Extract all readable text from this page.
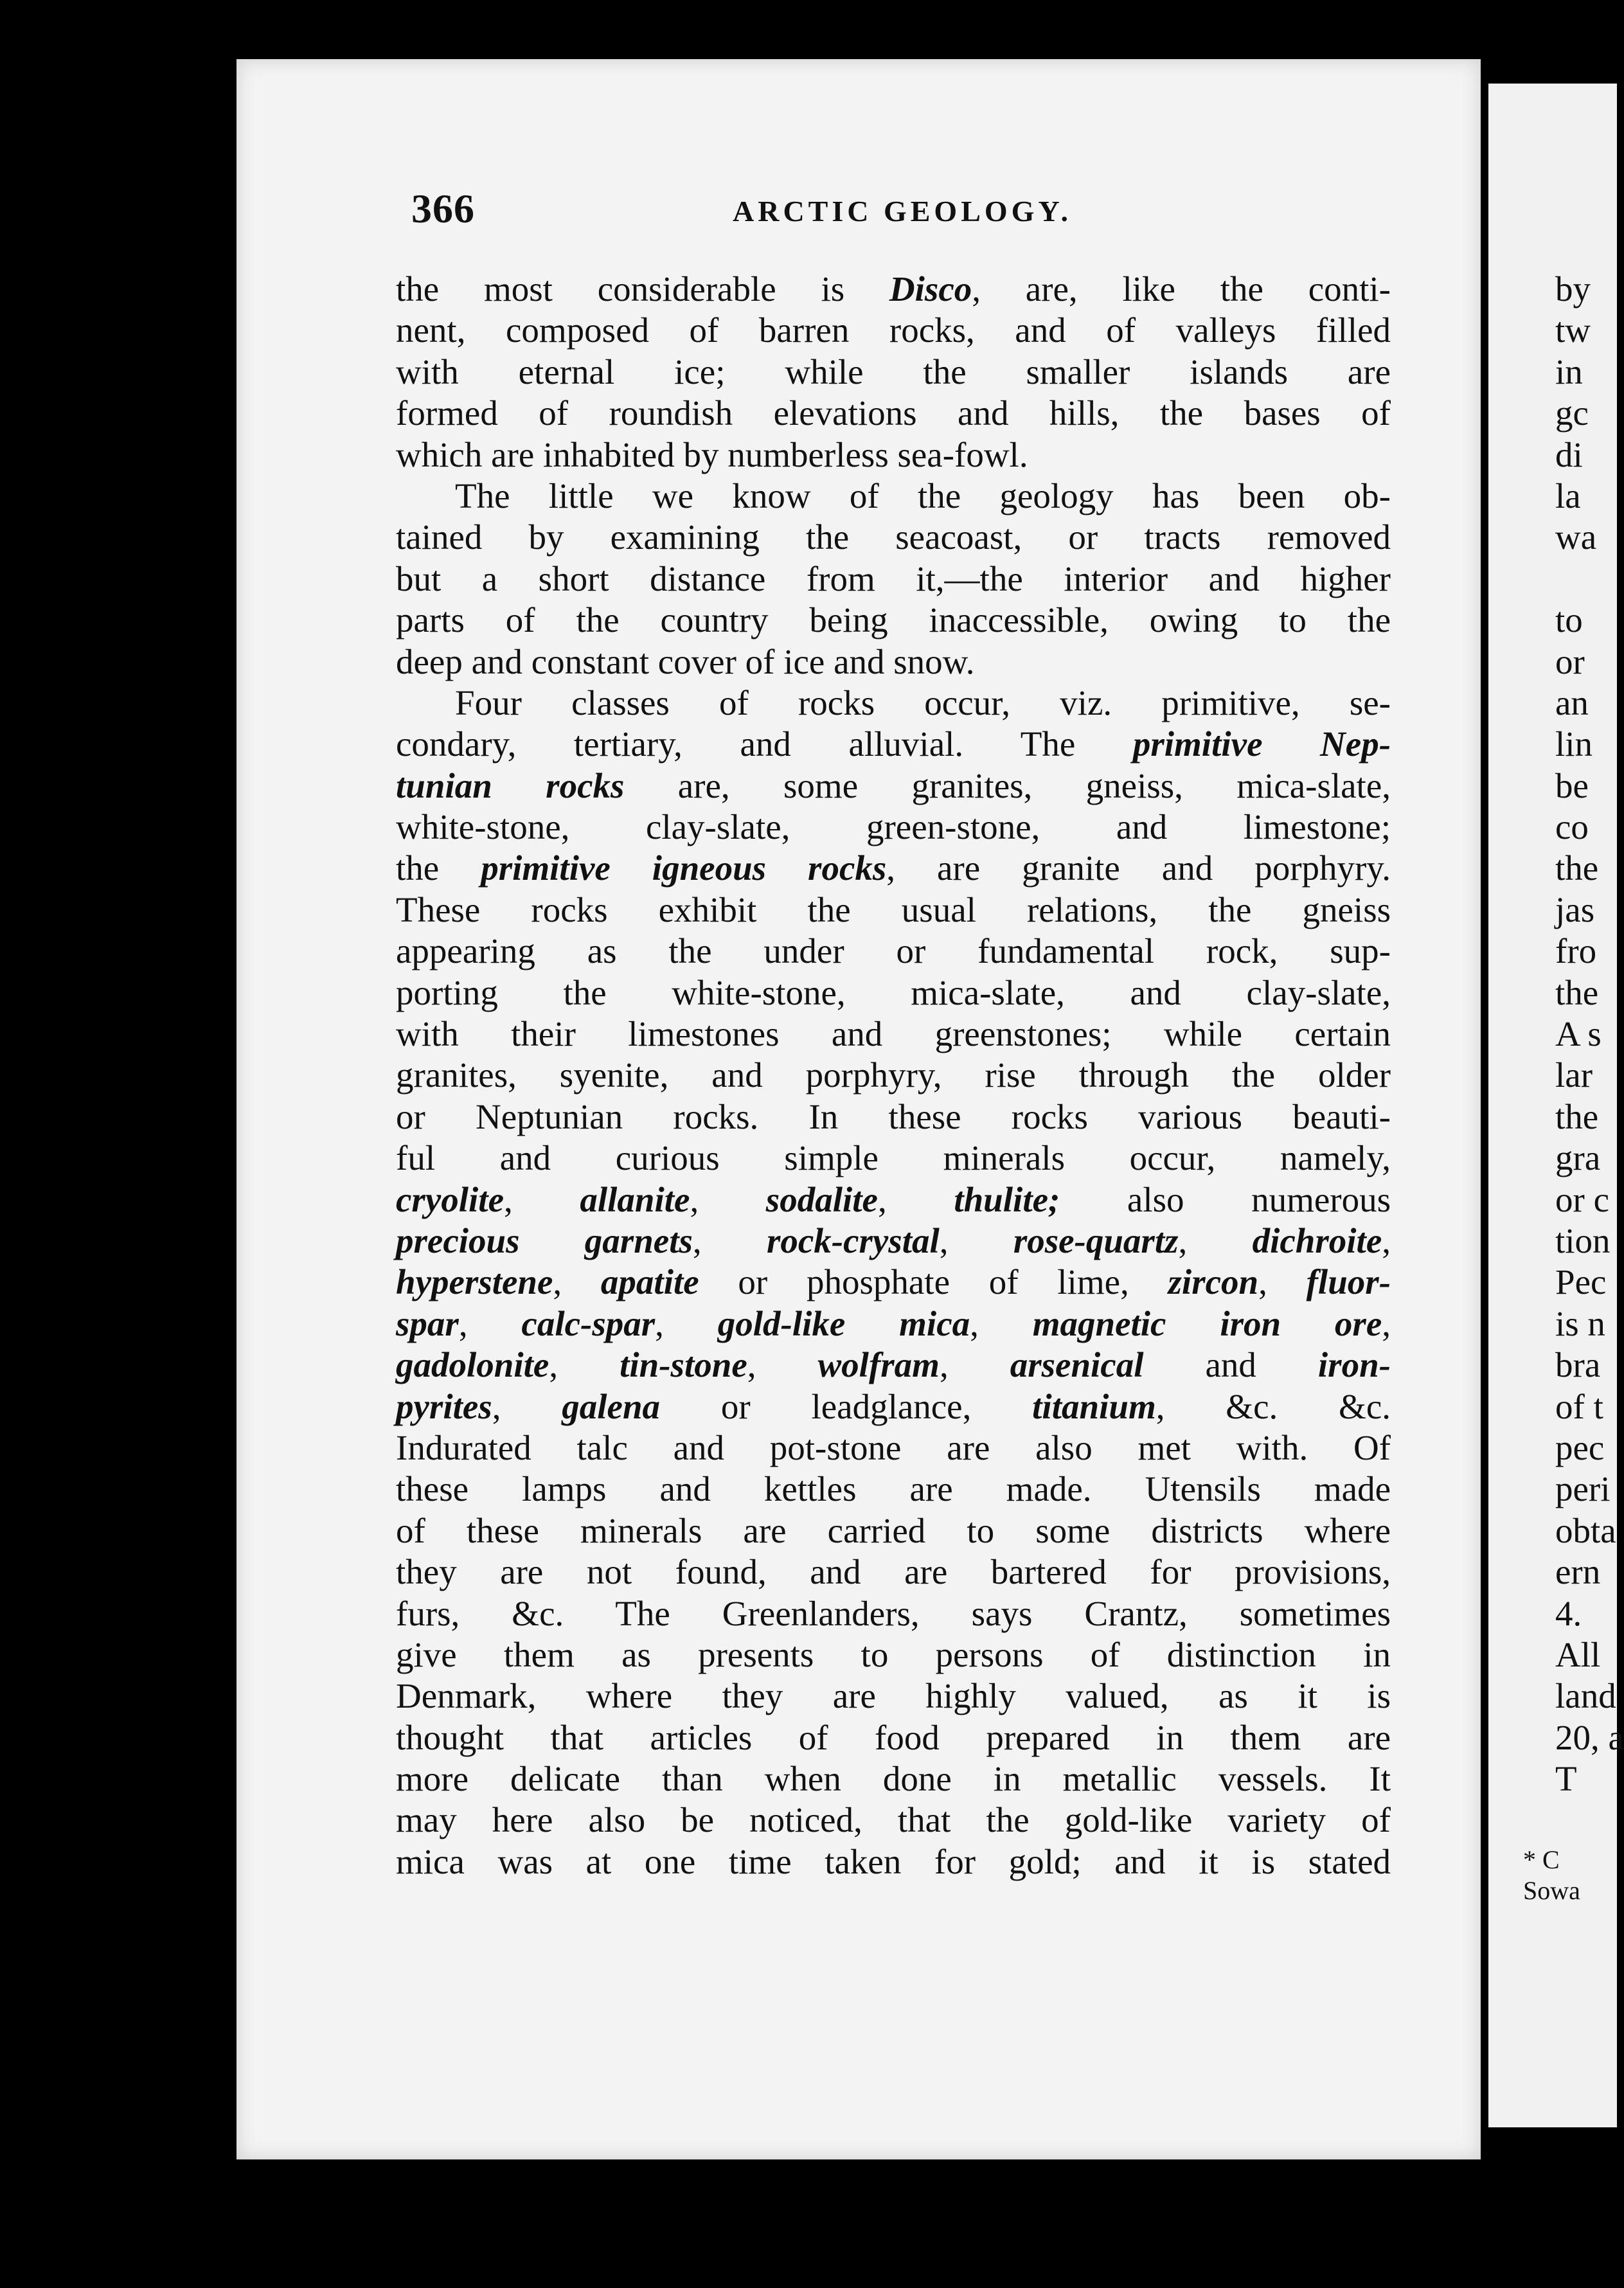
366	ARCTIC GEOLOGY.
the most considerable is Disco, are, like the conti-
nent, composed of barren rocks, and of valleys filled
with eternal ice; while the smaller islands are
formed of roundish elevations and hills, the bases of
which are inhabited by numberless sea-fowl.
The little we know of the geology has been ob-
tained by examining the seacoast, or tracts removed
but a short distance from it,—the interior and higher
parts of the country being inaccessible, owing to the
deep and constant cover of ice and snow.
Four classes of rocks occur, viz. primitive, se-
condary, tertiary, and alluvial. The primitive Nep-
tunian rocks are, some granites, gneiss, mica-slate,
white-stone, clay-slate, green-stone, and limestone;
the primitive igneous rocks, are granite and porphyry.
These rocks exhibit the usual relations, the gneiss
appearing as the under or fundamental rock, sup-
porting the white-stone, mica-slate, and clay-slate,
with their limestones and greenstones; while certain
granites, syenite, and porphyry, rise through the older
or Neptunian rocks. In these rocks various beauti-
ful and curious simple minerals occur, namely,
cryolite, allanite, sodalite, thulite; also numerous
precious garnets, rock-crystal, rose-quartz, dichroite,
hyperstene, apatite or phosphate of lime, zircon, fluor-
spar, calc-spar, gold-like mica, magnetic iron ore,
gadolonite, tin-stone, wolfram, arsenical and iron-
pyrites, galena or leadglance, titanium, &c. &c.
Indurated talc and pot-stone are also met with. Of
these lamps and kettles are made. Utensils made
of these minerals are carried to some districts where
they are not found, and are bartered for provisions,
furs, &c. The Greenlanders, says Crantz, sometimes
give them as presents to persons of distinction in
Denmark, where they are highly valued, as it is
thought that articles of food prepared in them are
more delicate than when done in metallic vessels. It
may here also be noticed, that the gold-like variety of
mica was at one time taken for gold; and it is stated
by
tw
in
gc
di
la
wa
to
or
an
lin
be
co
the
jas
fro
the
A s
lar
the
gra
or c
tion
Pec
is n
bra
of t
pec
peri
obta
ern
4.
All
land
20, a
T
* C
Sowa
